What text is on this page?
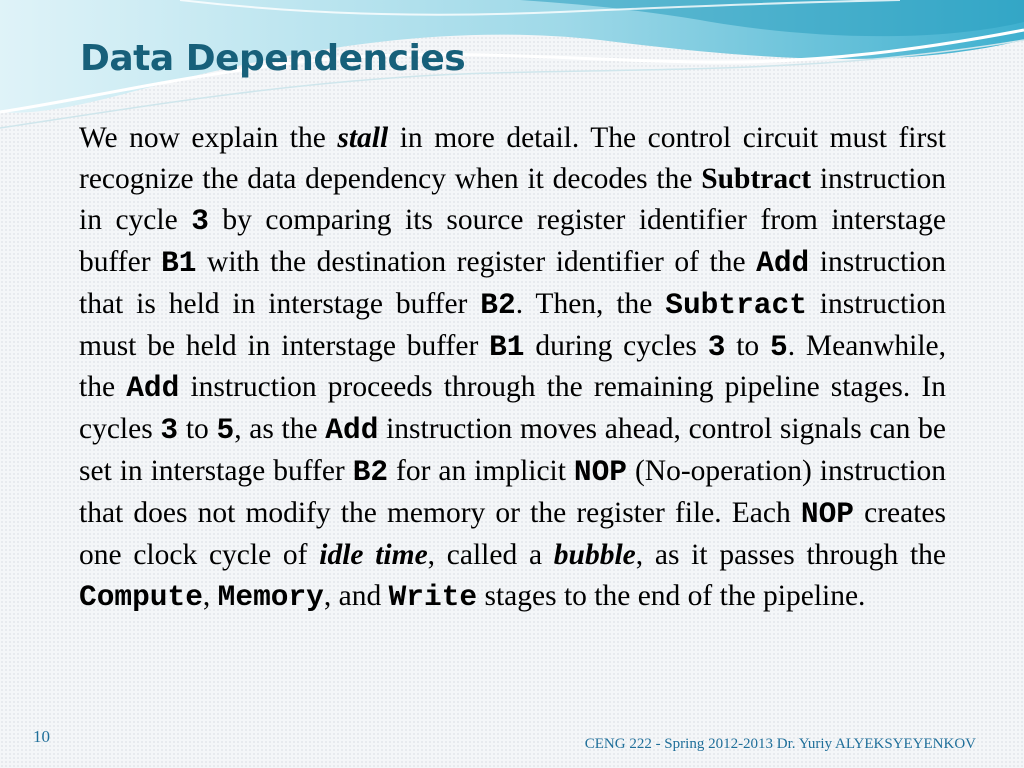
Data Dependencies
We now explain the stall in more detail. The control circuit must first recognize the data dependency when it decodes the Subtract instruction in cycle 3 by comparing its source register identifier from interstage buffer B1 with the destination register identifier of the Add instruction that is held in interstage buffer B2. Then, the Subtract instruction must be held in interstage buffer B1 during cycles 3 to 5. Meanwhile, the Add instruction proceeds through the remaining pipeline stages. In cycles 3 to 5, as the Add instruction moves ahead, control signals can be set in interstage buffer B2 for an implicit NOP (No-operation) instruction that does not modify the memory or the register file. Each NOP creates one clock cycle of idle time, called a bubble, as it passes through the Compute, Memory, and Write stages to the end of the pipeline.
10	CENG 222 - Spring 2012-2013 Dr. Yuriy ALYEKSYEYENKOV
